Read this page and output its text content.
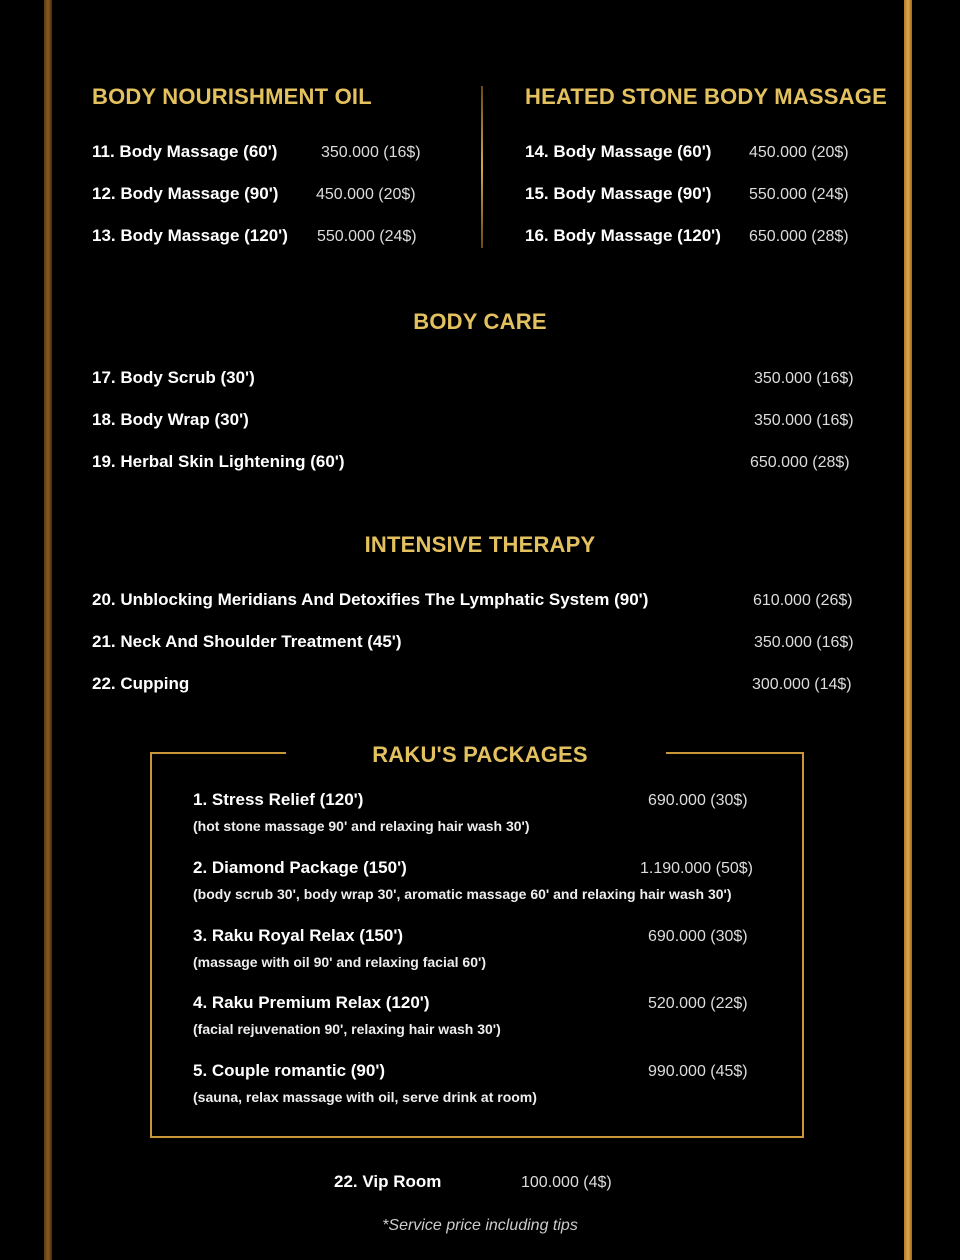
BODY NOURISHMENT OIL
11. Body Massage (60')	350.000 (16$)
12. Body Massage (90') 450.000 (20$)
13. Body Massage (120') 550.000 (24$)
HEATED STONE BODY MASSAGE
14. Body Massage (60') 450.000 (20$)
15. Body Massage (90') 550.000 (24$)
16. Body Massage (120') 650.000 (28$)
BODY CARE
17. Body Scrub (30')	350.000 (16$)
18. Body Wrap (30')	350.000 (16$)
19. Herbal Skin Lightening (60')	650.000 (28$)
INTENSIVE THERAPY
20. Unblocking Meridians And Detoxifies The Lymphatic System (90')	610.000 (26$)
21. Neck And Shoulder Treatment (45')	350.000 (16$)
22. Cupping	300.000 (14$)
RAKU'S PACKAGES
1. Stress Relief (120')	690.000 (30$)
(hot stone massage 90' and relaxing hair wash 30')
2. Diamond Package (150')	1.190.000 (50$)
(body scrub 30', body wrap 30', aromatic massage 60' and relaxing hair wash 30')
3. Raku Royal Relax (150')	690.000 (30$)
(massage with oil 90' and relaxing facial 60')
4. Raku Premium Relax (120')	520.000 (22$)
(facial rejuvenation 90', relaxing hair wash 30')
5. Couple romantic (90')	990.000 (45$)
(sauna, relax massage with oil, serve drink at room)
22. Vip Room	100.000 (4$)
*Service price including tips
